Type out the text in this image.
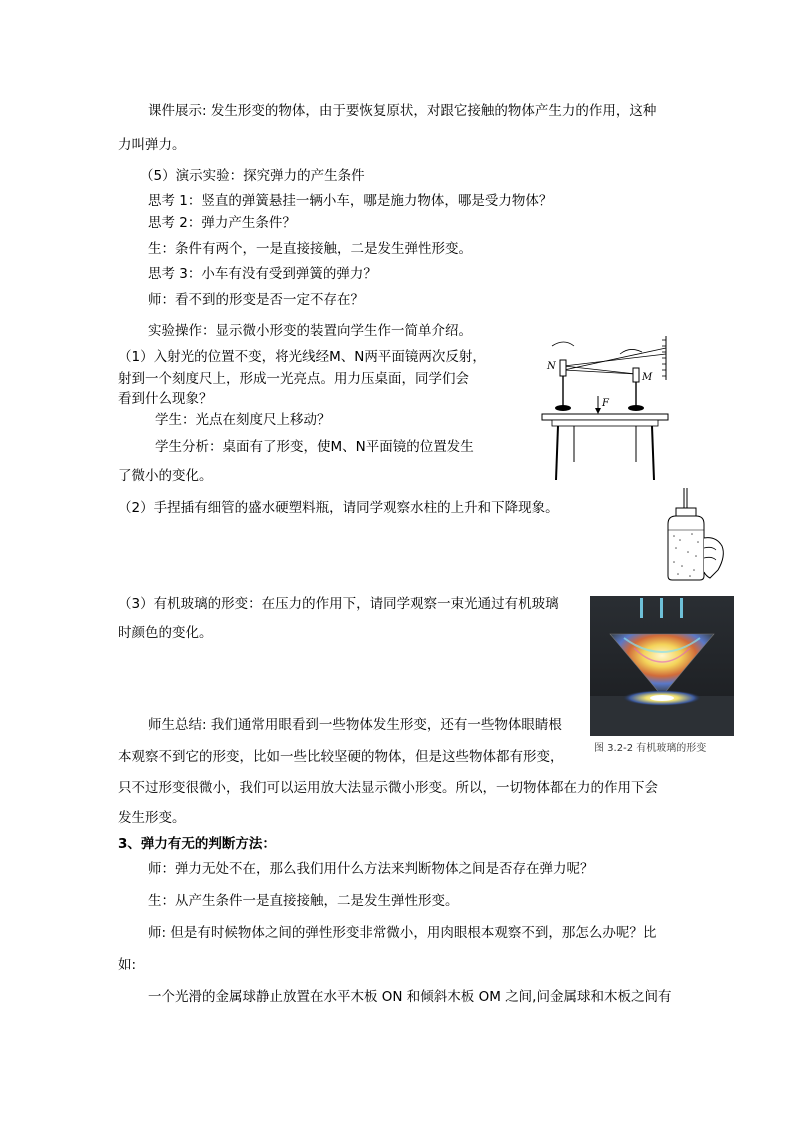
课件展示: 发生形变的物体，由于要恢复原状，对跟它接触的物体产生力的作用，这种
力叫弹力。
（5）演示实验：探究弹力的产生条件
思考 1：竖直的弹簧悬挂一辆小车，哪是施力物体，哪是受力物体？
思考 2：弹力产生条件？
生：条件有两个，一是直接接触，二是发生弹性形变。
思考 3：小车有没有受到弹簧的弹力？
师：看不到的形变是否一定不存在？
实验操作：显示微小形变的装置向学生作一简单介绍。
（1）入射光的位置不变，将光线经M、N两平面镜两次反射，
射到一个刻度尺上，形成一光亮点。用力压桌面，同学们会
看到什么现象？
学生：光点在刻度尺上移动？
学生分析：桌面有了形变，使M、N平面镜的位置发生
了微小的变化。
（2）手捏插有细管的盛水硬塑料瓶，请同学观察水柱的上升和下降现象。
（3）有机玻璃的形变：在压力的作用下，请同学观察一束光通过有机玻璃
时颜色的变化。
师生总结: 我们通常用眼看到一些物体发生形变，还有一些物体眼睛根
本观察不到它的形变，比如一些比较坚硬的物体，但是这些物体都有形变，
只不过形变很微小，我们可以运用放大法显示微小形变。所以，一切物体都在力的作用下会
发生形变。
3、弹力有无的判断方法：
师：弹力无处不在，那么我们用什么方法来判断物体之间是否存在弹力呢？
生：从产生条件一是直接接触，二是发生弹性形变。
师: 但是有时候物体之间的弹性形变非常微小，用肉眼根本观察不到，那怎么办呢？比
如:
一个光滑的金属球静止放置在水平木板 ON 和倾斜木板 OM 之间,问金属球和木板之间有
N
M
F
图 3.2-2 有机玻璃的形变
